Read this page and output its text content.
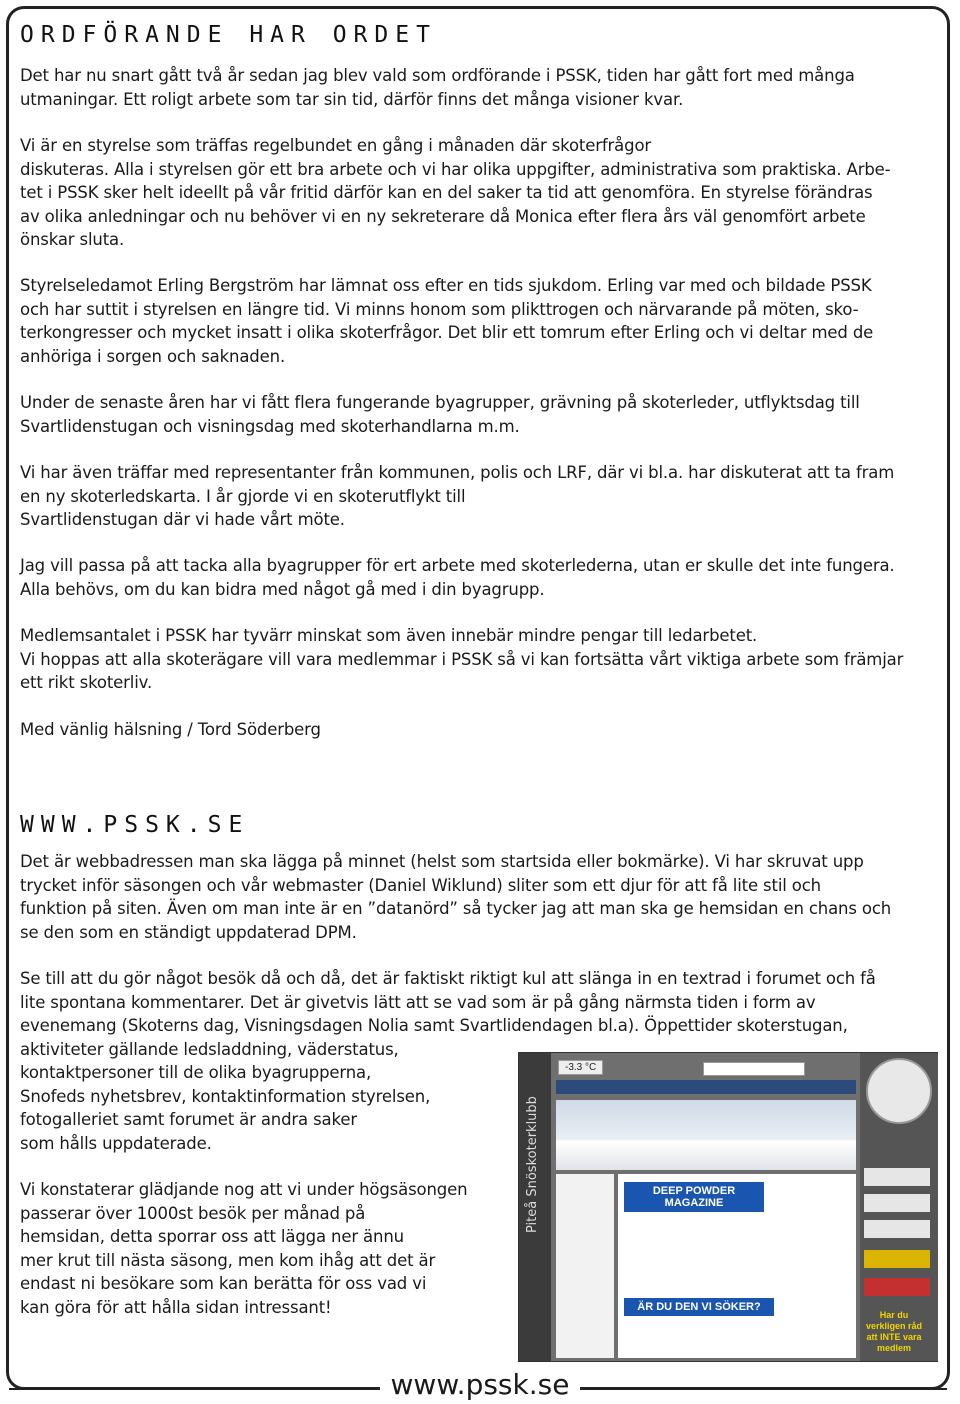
ORDFÖRANDE HAR ORDET

Det har nu snart gått två år sedan jag blev vald som ordförande i PSSK, tiden har gått fort med många
utmaningar. Ett roligt arbete som tar sin tid, därför finns det många visioner kvar.

Vi är en styrelse som träffas regelbundet en gång i månaden där skoterfrågor
diskuteras. Alla i styrelsen gör ett bra arbete och vi har olika uppgifter, administrativa som praktiska. Arbe-
tet i PSSK sker helt ideellt på vår fritid därför kan en del saker ta tid att genomföra. En styrelse förändras
av olika anledningar och nu behöver vi en ny sekreterare då Monica efter flera års väl genomfört arbete
önskar sluta.

Styrelseledamot Erling Bergström har lämnat oss efter en tids sjukdom. Erling var med och bildade PSSK
och har suttit i styrelsen en längre tid. Vi minns honom som plikttrogen och närvarande på möten, sko-
terkongresser och mycket insatt i olika skoterfrågor. Det blir ett tomrum efter Erling och vi deltar med de
anhöriga i sorgen och saknaden.

Under de senaste åren har vi fått flera fungerande byagrupper, grävning på skoterleder, utflyktsdag till
Svartlidenstugan och visningsdag med skoterhandlarna m.m.

Vi har även träffar med representanter från kommunen, polis och LRF, där vi bl.a. har diskuterat att ta fram
en ny skoterledskarta. I år gjorde vi en skoterutflykt till
Svartlidenstugan där vi hade vårt möte.

Jag vill passa på att tacka alla byagrupper för ert arbete med skoterlederna, utan er skulle det inte fungera.
Alla behövs, om du kan bidra med något gå med i din byagrupp.

Medlemsantalet i PSSK har tyvärr minskat som även innebär mindre pengar till ledarbetet.
Vi hoppas att alla skoterägare vill vara medlemmar i PSSK så vi kan fortsätta vårt viktiga arbete som främjar
ett rikt skoterliv.

Med vänlig hälsning / Tord Söderberg

WWW.PSSK.SE

Det är webbadressen man ska lägga på minnet (helst som startsida eller bokmärke). Vi har skruvat upp
trycket inför säsongen och vår webmaster (Daniel Wiklund) sliter som ett djur för att få lite stil och
funktion på siten. Även om man inte är en ”datanörd” så tycker jag att man ska ge hemsidan en chans och
se den som en ständigt uppdaterad DPM.

Se till att du gör något besök då och då, det är faktiskt riktigt kul att slänga in en textrad i forumet och få
lite spontana kommentarer. Det är givetvis lätt att se vad som är på gång närmsta tiden i form av
evenemang (Skoterns dag, Visningsdagen Nolia samt Svartlidendagen bl.a). Öppettider skoterstugan,
aktiviteter gällande ledsladdning, väderstatus,
kontaktpersoner till de olika byagrupperna,
Snofeds nyhetsbrev, kontaktinformation styrelsen,
fotogalleriet samt forumet är andra saker
som hålls uppdaterade.

Vi konstaterar glädjande nog att vi under högsäsongen
passerar över 1000st besök per månad på
hemsidan, detta sporrar oss att lägga ner ännu
mer krut till nästa säsong, men kom ihåg att det är
endast ni besökare som kan berätta för oss vad vi
kan göra för att hålla sidan intressant!

Piteå Snöskoterklubb
-3.3 °C
DEEP POWDER MAGAZINE
ÄR DU DEN VI SÖKER?
Har du verkligen råd att INTE vara medlem
www.pssk.se
